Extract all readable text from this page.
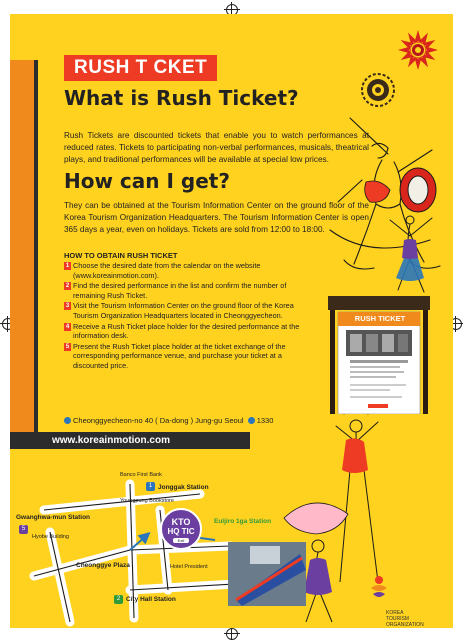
RUSH T CKET
What is Rush Ticket?

Rush Tickets are discounted tickets that enable you to watch performances at reduced rates. Tickets to participating non-verbal performances, musicals, theatrical plays, and traditional performances will be available at special low prices.

How can I get?

They can be obtained at the Tourism Information Center on the ground floor of the Korea Tourism Organization Headquarters. The Tourism Information Center is open 365 days a year, even on holidays. Tickets are sold from 12:00 to 18:00.

HOW TO OBTAIN RUSH TICKET
1 Choose the desired date from the calendar on the website (www.koreainmotion.com).
2 Find the desired performance in the list and confirm the number of remaining Rush Ticket.
3 Visit the Tourism Information Center on the ground floor of the Korea Tourism Organization Headquarters located in Cheonggyecheon.
4 Receive a Rush Ticket place holder for the desired performance at the information desk.
5 Present the Rush Ticket place holder at the ticket exchange of the corresponding performance venue, and purchase your ticket at a discounted price.
Cheonggyecheon-no 40 ( Da-dong ) Jung-gu Seoul 1330
www.koreainmotion.com
RUSH TICKET
KTO
HQ TIC
Exit
Jonggak Station
1
Banco First Bank
Youngpung Bookstore
Gwanghwa-mun Station
5
Hyobe Building
Euljiro 1ga Station
Cheonggye Plaza	Hotel President
City Hall Station
2
KOREA
TOURISM
ORGANIZATION
